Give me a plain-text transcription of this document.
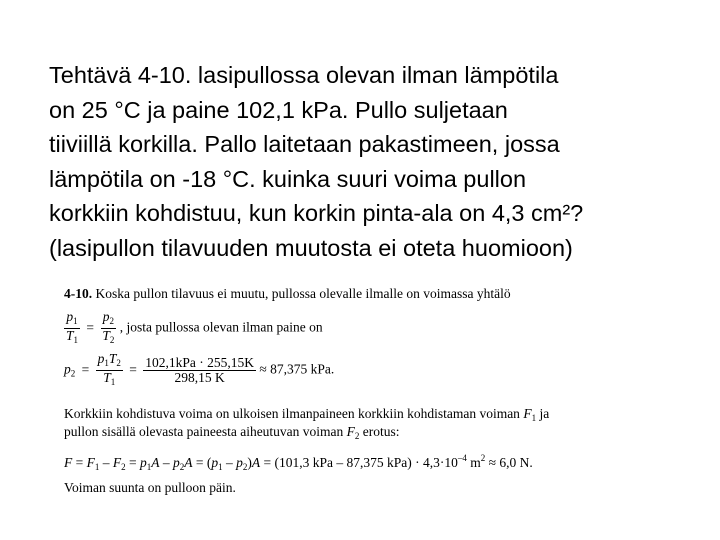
Tehtävä 4-10. lasipullossa olevan ilman lämpötila
on 25 °C ja paine 102,1 kPa. Pullo suljetaan
tiiviillä korkilla. Pallo laitetaan pakastimeen, jossa
lämpötila on -18 °C. kuinka suuri voima pullon
korkkiin kohdistuu, kun korkin pinta-ala on 4,3 cm²?
(lasipullon tilavuuden muutosta ei oteta huomioon)
4-10. Koska pullon tilavuus ei muutu, pullossa olevalle ilmalle on voimassa yhtälö
$\frac{p_1}{T_1} = \frac{p_2}{T_2}$ , josta pullossa olevan ilman paine on
$p_2 = \frac{p_1T_2}{T_1} = \frac{\text{102,1kPa · 255,15K}}{298,15 K} \approx 87,375$ kPa.
Korkkiin kohdistuva voima on ulkoisen ilmanpaineen korkkiin kohdistaman voiman $F_1$ ja
pullon sisällä olevasta paineesta aiheutuvan voiman $F_2$ erotus:
$F = F_1 - F_2 = p_1A - p_2A = (p_1 - p_2)A = (101,3$ kPa – 87,375 $kPa) \cdot 4,3\cdot 10^{-4}$ $m^2 \approx 6,0$ N.
Voiman suunta on pulloon päin.
